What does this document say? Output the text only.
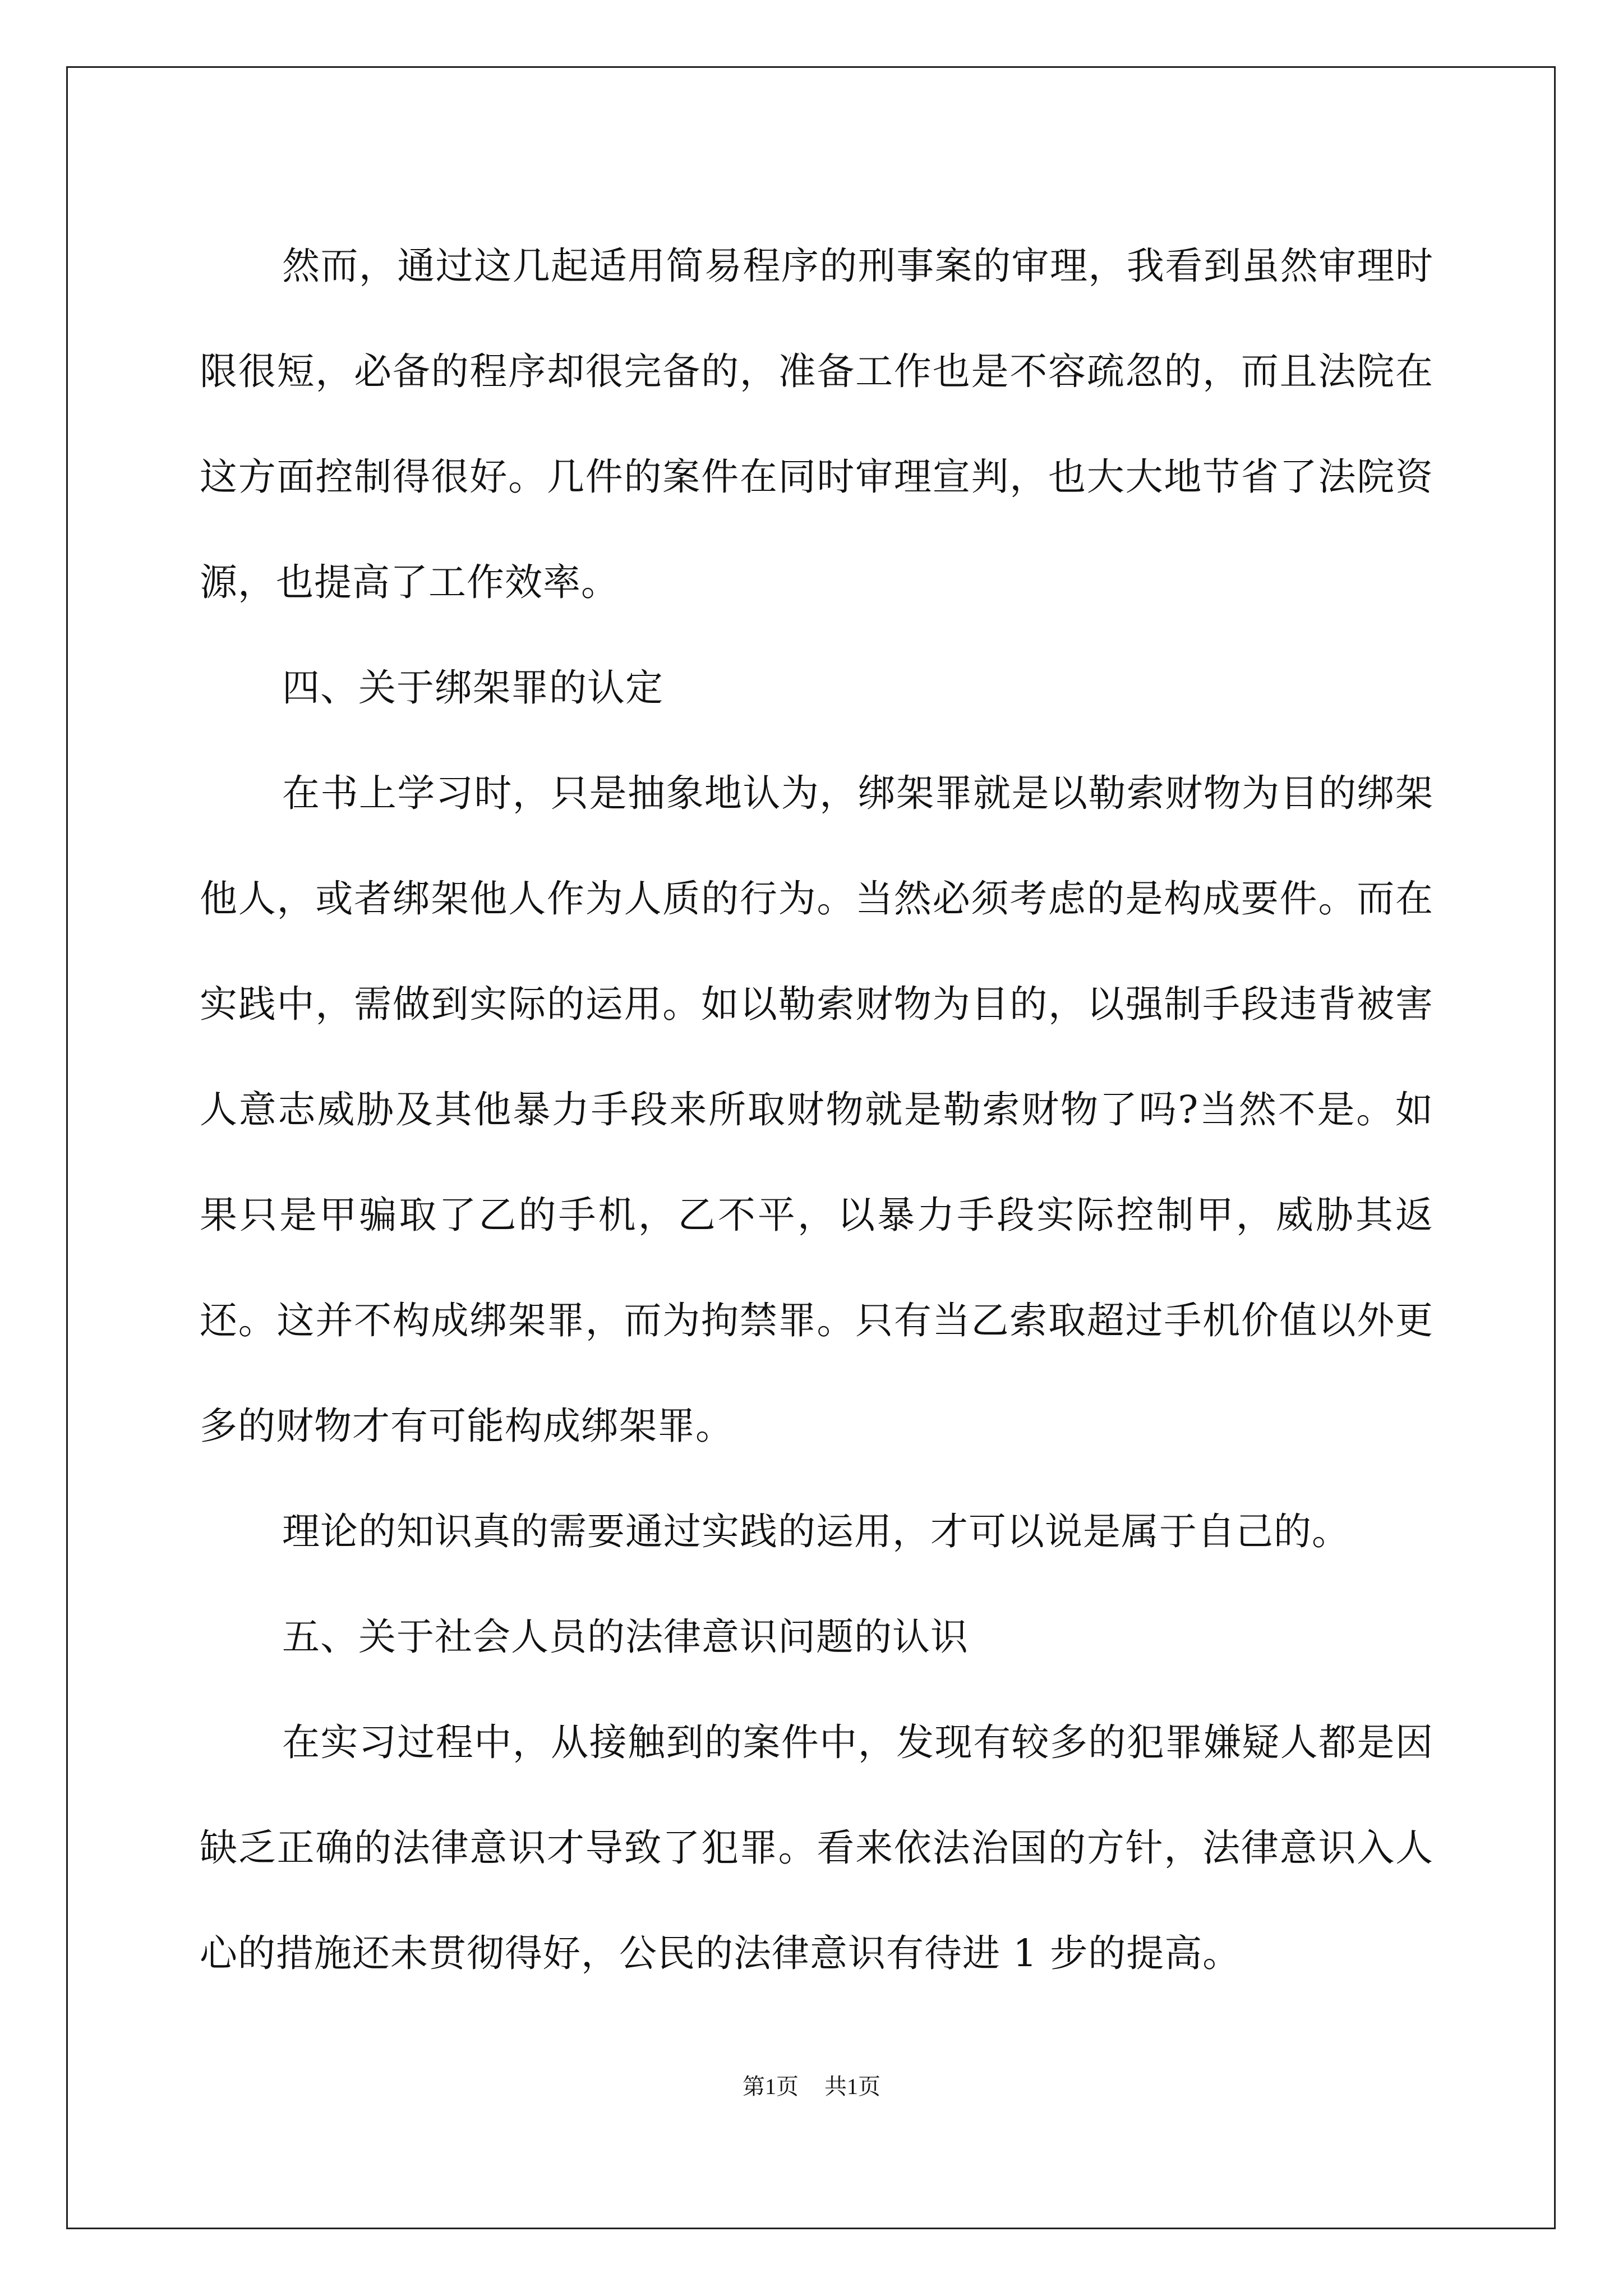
然而，通过这几起适用简易程序的刑事案的审理，我看到虽然审理时限很短，必备的程序却很完备的，准备工作也是不容疏忽的，而且法院在这方面控制得很好。几件的案件在同时审理宣判，也大大地节省了法院资源，也提高了工作效率。

四、关于绑架罪的认定

在书上学习时，只是抽象地认为，绑架罪就是以勒索财物为目的绑架他人，或者绑架他人作为人质的行为。当然必须考虑的是构成要件。而在实践中，需做到实际的运用。如以勒索财物为目的，以强制手段违背被害人意志威胁及其他暴力手段来所取财物就是勒索财物了吗?当然不是。如果只是甲骗取了乙的手机，乙不平，以暴力手段实际控制甲，威胁其返还。这并不构成绑架罪，而为拘禁罪。只有当乙索取超过手机价值以外更多的财物才有可能构成绑架罪。

理论的知识真的需要通过实践的运用，才可以说是属于自己的。

五、关于社会人员的法律意识问题的认识

在实习过程中，从接触到的案件中，发现有较多的犯罪嫌疑人都是因缺乏正确的法律意识才导致了犯罪。看来依法治国的方针，法律意识入人心的措施还未贯彻得好，公民的法律意识有待进 1 步的提高。

第1页 共1页
